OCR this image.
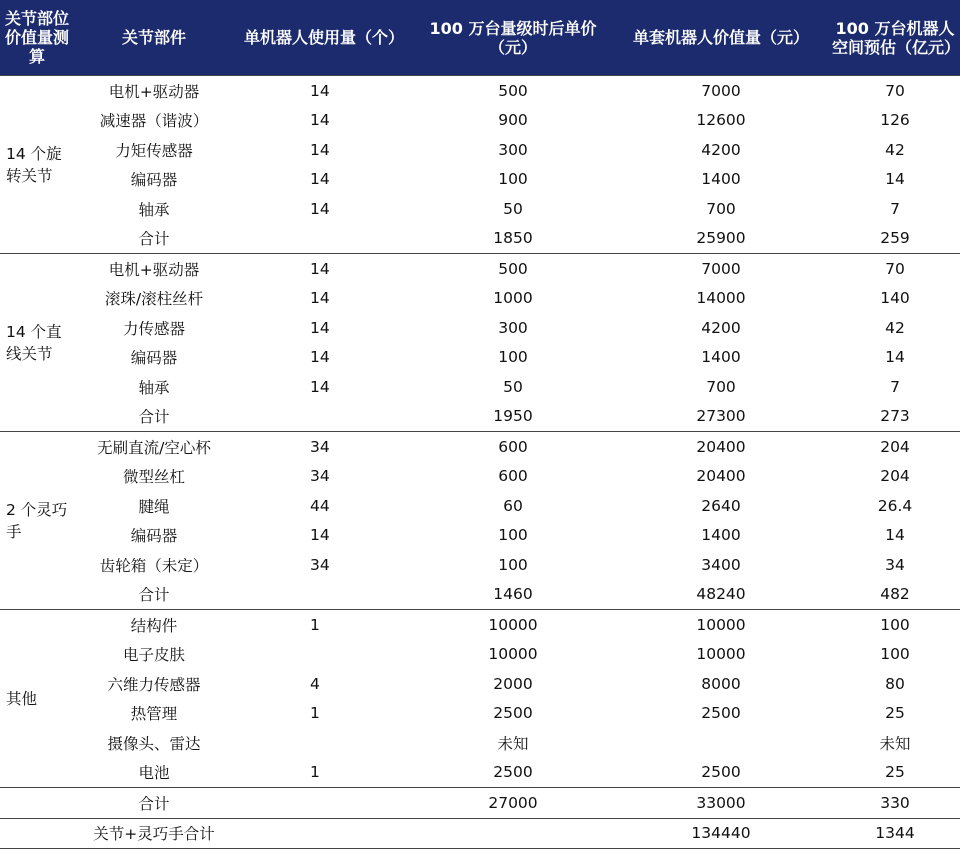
关节部位价值量测算	关节部件	单机器人使用量（个）	100 万台量级时后单价（元）	单套机器人价值量（元）	100 万台机器人空间预估（亿元）
14 个旋转关节	电机+驱动器	14	500	7000	70
	减速器（谐波）	14	900	12600	126
	力矩传感器	14	300	4200	42
	编码器	14	100	1400	14
	轴承	14	50	700	7
	合计		1850	25900	259
14 个直线关节	电机+驱动器	14	500	7000	70
	滚珠/滚柱丝杆	14	1000	14000	140
	力传感器	14	300	4200	42
	编码器	14	100	1400	14
	轴承	14	50	700	7
	合计		1950	27300	273
2 个灵巧手	无刷直流/空心杯	34	600	20400	204
	微型丝杠	34	600	20400	204
	腱绳	44	60	2640	26.4
	编码器	14	100	1400	14
	齿轮箱（未定）	34	100	3400	34
	合计		1460	48240	482
其他	结构件	1	10000	10000	100
	电子皮肤		10000	10000	100
	六维力传感器	4	2000	8000	80
	热管理	1	2500	2500	25
	摄像头、雷达		未知		未知
	电池	1	2500	2500	25
	合计		27000	33000	330
	关节+灵巧手合计			134440	1344
